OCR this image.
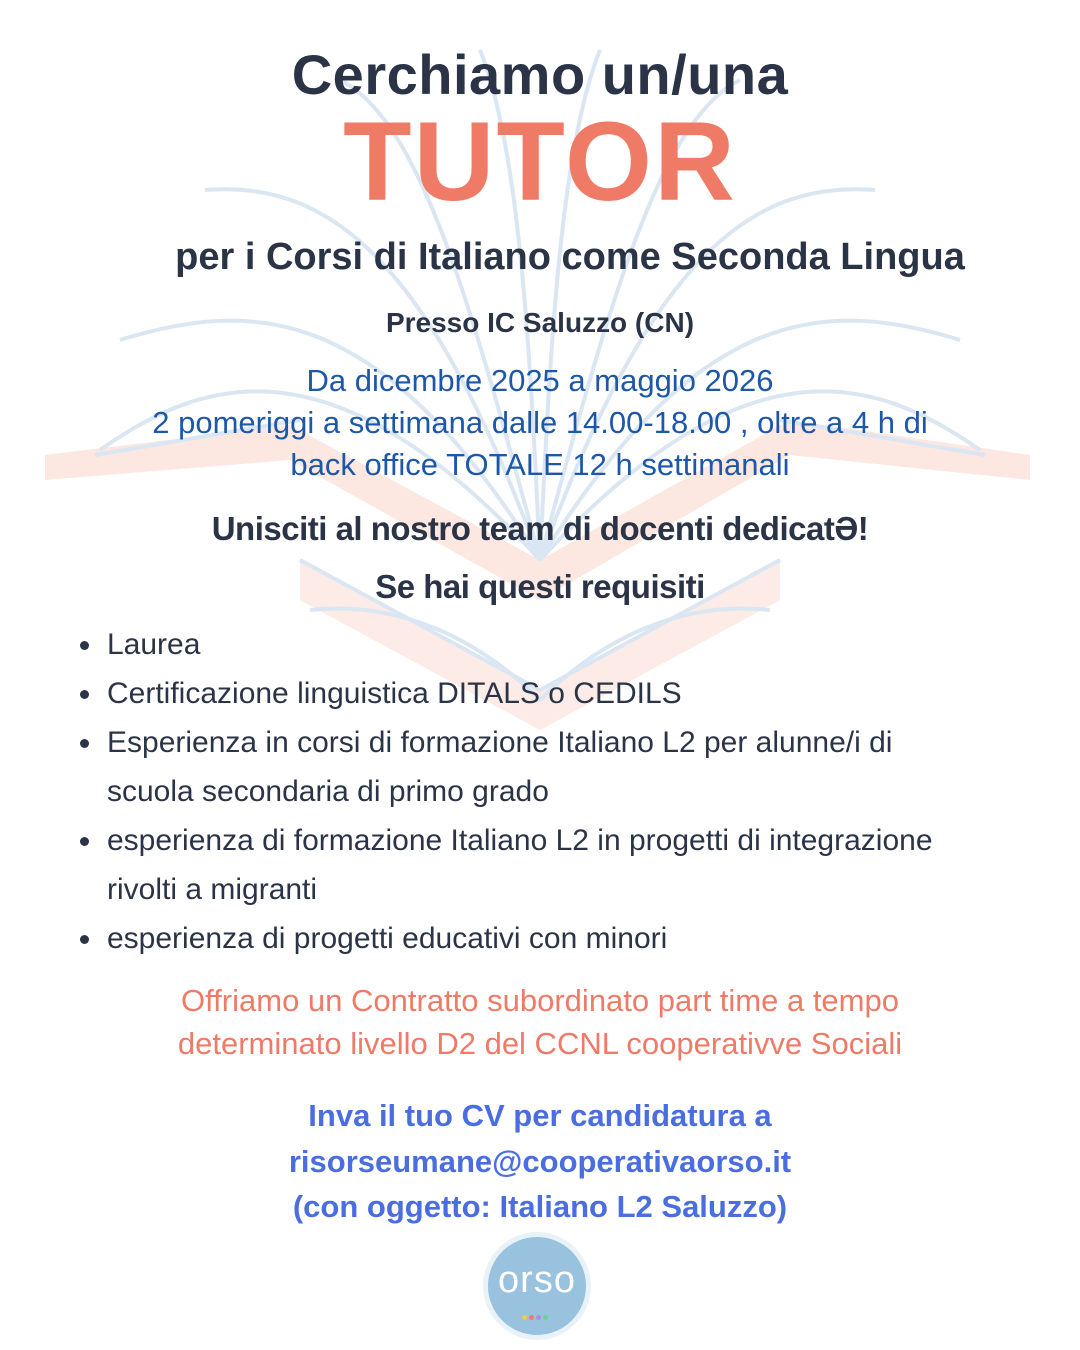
Cerchiamo un/una
TUTOR
per i Corsi di Italiano come Seconda Lingua
Presso IC Saluzzo (CN)
Da dicembre 2025 a maggio 2026
2 pomeriggi a settimana dalle 14.00-18.00 , oltre a 4 h di
back office TOTALE 12 h settimanali
Unisciti al nostro team di docenti dedicatƏ!
Se hai questi requisiti
Laurea
Certificazione linguistica DITALS o CEDILS
Esperienza in corsi di formazione Italiano L2 per alunne/i di
scuola secondaria di primo grado
esperienza di formazione Italiano L2 in progetti di integrazione
rivolti a migranti
esperienza di progetti educativi con minori
Offriamo un Contratto subordinato part time a tempo
determinato livello D2 del CCNL cooperativve Sociali
Inva il tuo CV per candidatura a
risorseumane@cooperativaorso.it
(con oggetto: Italiano L2 Saluzzo)
orso
